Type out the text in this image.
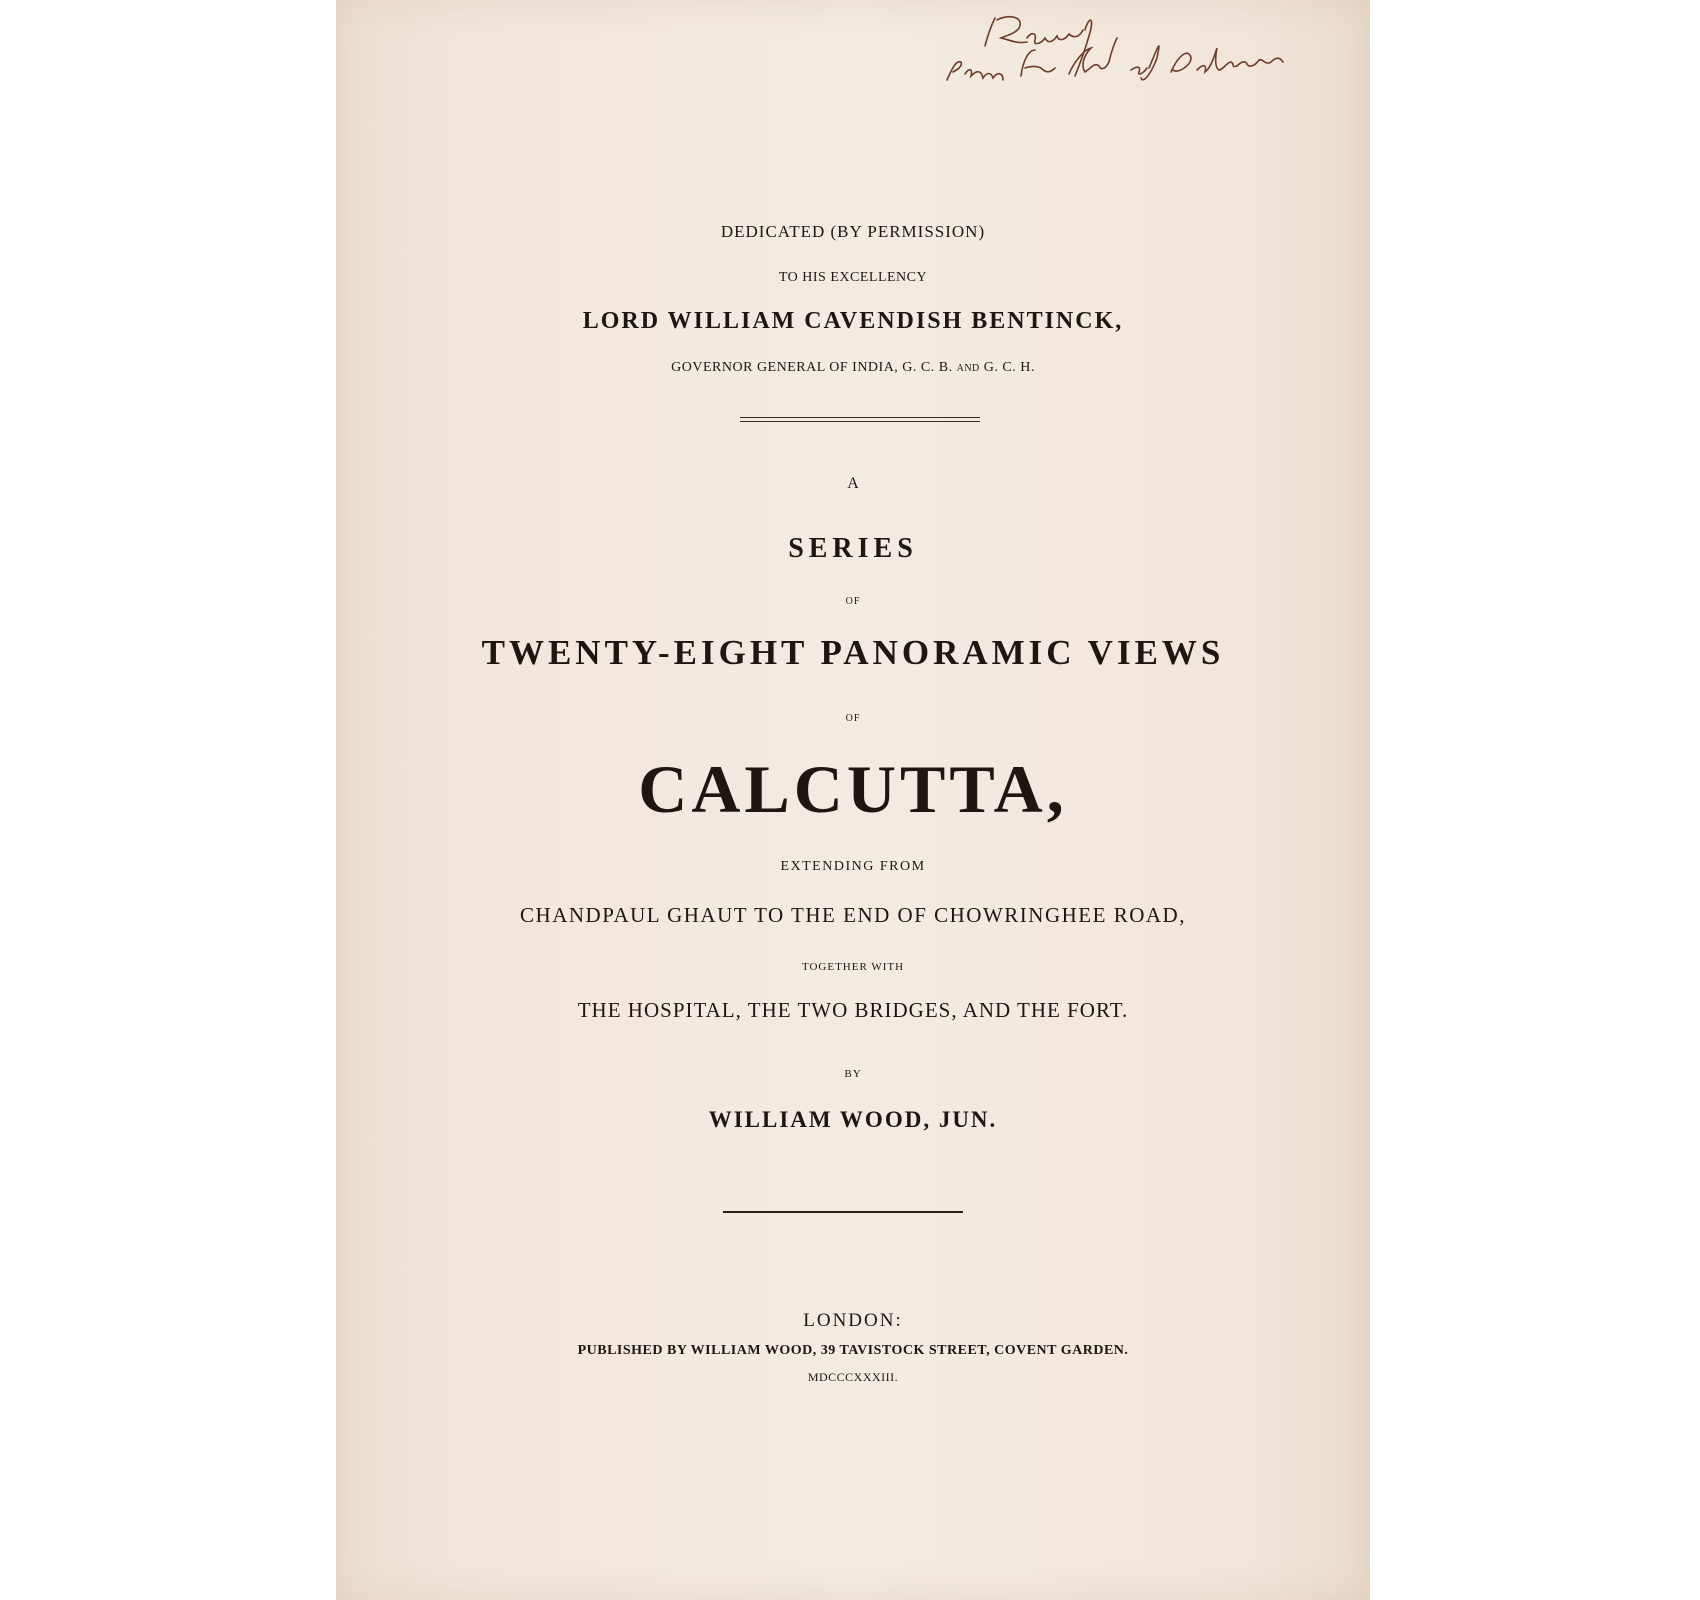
DEDICATED (BY PERMISSION)
TO HIS EXCELLENCY
LORD WILLIAM CAVENDISH BENTINCK,
GOVERNOR GENERAL OF INDIA, G. C. B. AND G. C. H.
A
SERIES
OF
TWENTY-EIGHT PANORAMIC VIEWS
OF
CALCUTTA,
EXTENDING FROM
CHANDPAUL GHAUT TO THE END OF CHOWRINGHEE ROAD,
TOGETHER WITH
THE HOSPITAL, THE TWO BRIDGES, AND THE FORT.
BY
WILLIAM WOOD, JUN.
LONDON:
PUBLISHED BY WILLIAM WOOD, 39 TAVISTOCK STREET, COVENT GARDEN.
MDCCCXXXIII.
